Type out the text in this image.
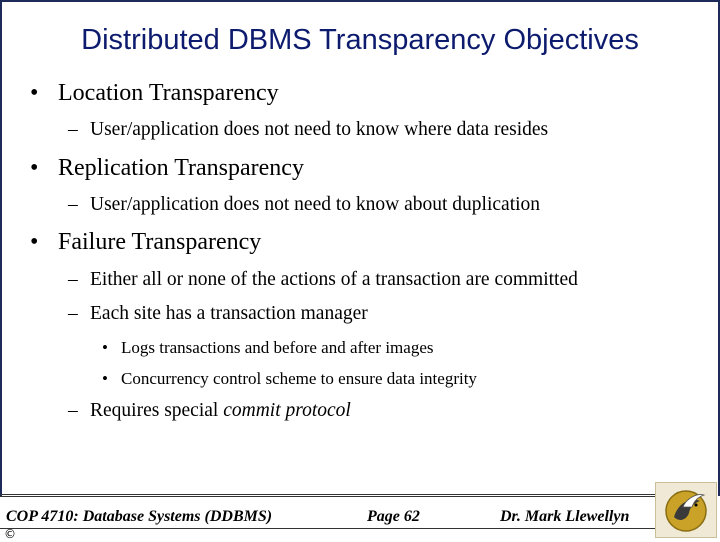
Distributed DBMS Transparency Objectives
• Location Transparency
– User/application does not need to know where data resides
• Replication Transparency
– User/application does not need to know about duplication
• Failure Transparency
– Either all or none of the actions of a transaction are committed
– Each site has a transaction manager
• Logs transactions and before and after images
• Concurrency control scheme to ensure data integrity
– Requires special commit protocol
COP 4710: Database Systems (DDBMS)	Page 62	Dr. Mark Llewellyn
©
